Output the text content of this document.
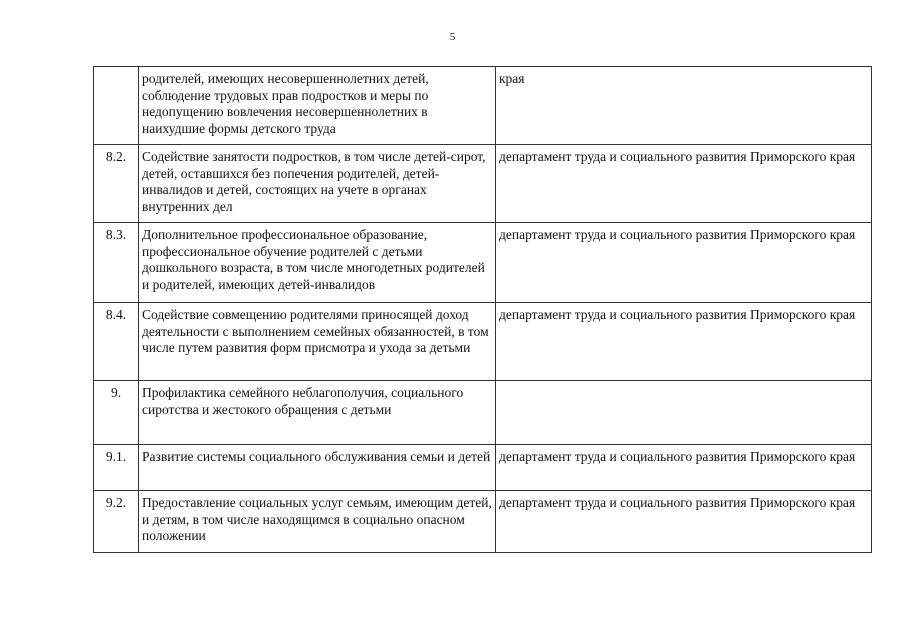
5
	родителей, имеющих несовершеннолетних детей, соблюдение трудовых прав подростков и меры по недопущению вовлечения несовершеннолетних в наихудшие формы детского труда	края
8.2.	Содействие занятости подростков, в том числе детей-сирот, детей, оставшихся без попечения родителей, детей-инвалидов и детей, состоящих на учете в органах внутренних дел	департамент труда и социального развития Приморского края
8.3.	Дополнительное профессиональное образование, профессиональное обучение родителей с детьми дошкольного возраста, в том числе многодетных родителей и родителей, имеющих детей-инвалидов	департамент труда и социального развития Приморского края
8.4.	Содействие совмещению родителями приносящей доход деятельности с выполнением семейных обязанностей, в том числе путем развития форм присмотра и ухода за детьми	департамент труда и социального развития Приморского края
9.	Профилактика семейного неблагополучия, социального сиротства и жестокого обращения с детьми	
9.1.	Развитие системы социального обслуживания семьи и детей	департамент труда и социального развития Приморского края
9.2.	Предоставление социальных услуг семьям, имеющим детей, и детям, в том числе находящимся в социально опасном положении	департамент труда и социального развития Приморского края
